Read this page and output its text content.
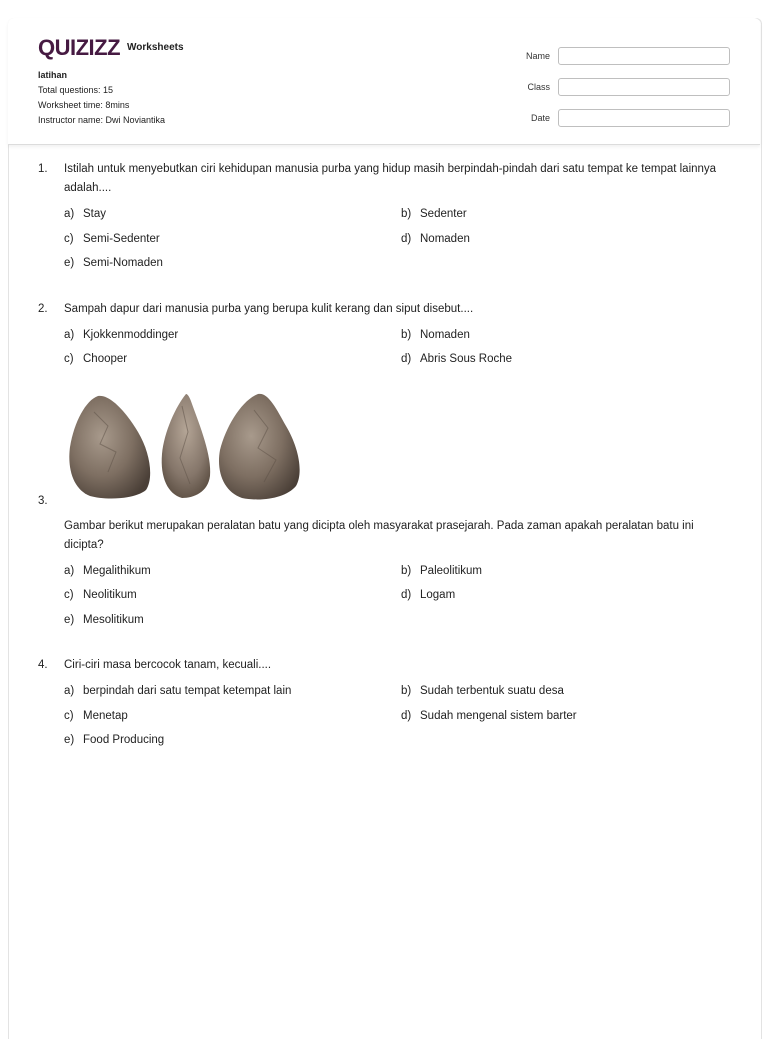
QUIZIZZ Worksheets
latihan
Total questions: 15
Worksheet time: 8mins
Instructor name: Dwi Noviantika
Name
Class
Date
1.	Istilah untuk menyebutkan ciri kehidupan manusia purba yang hidup masih berpindah-pindah dari satu tempat ke tempat lainnya adalah....
a) Stay	b) Sedenter
c) Semi-Sedenter	d) Nomaden
e) Semi-Nomaden
2.	Sampah dapur dari manusia purba yang berupa kulit kerang dan siput disebut....
a) Kjokkenmoddinger	b) Nomaden
c) Chooper	d) Abris Sous Roche
3.
Gambar berikut merupakan peralatan batu yang dicipta oleh masyarakat prasejarah. Pada zaman apakah peralatan batu ini dicipta?
a) Megalithikum	b) Paleolitikum
c) Neolitikum	d) Logam
e) Mesolitikum
4.	Ciri-ciri masa bercocok tanam, kecuali....
a) berpindah dari satu tempat ketempat lain	b) Sudah terbentuk suatu desa
c) Menetap	d) Sudah mengenal sistem barter
e) Food Producing
